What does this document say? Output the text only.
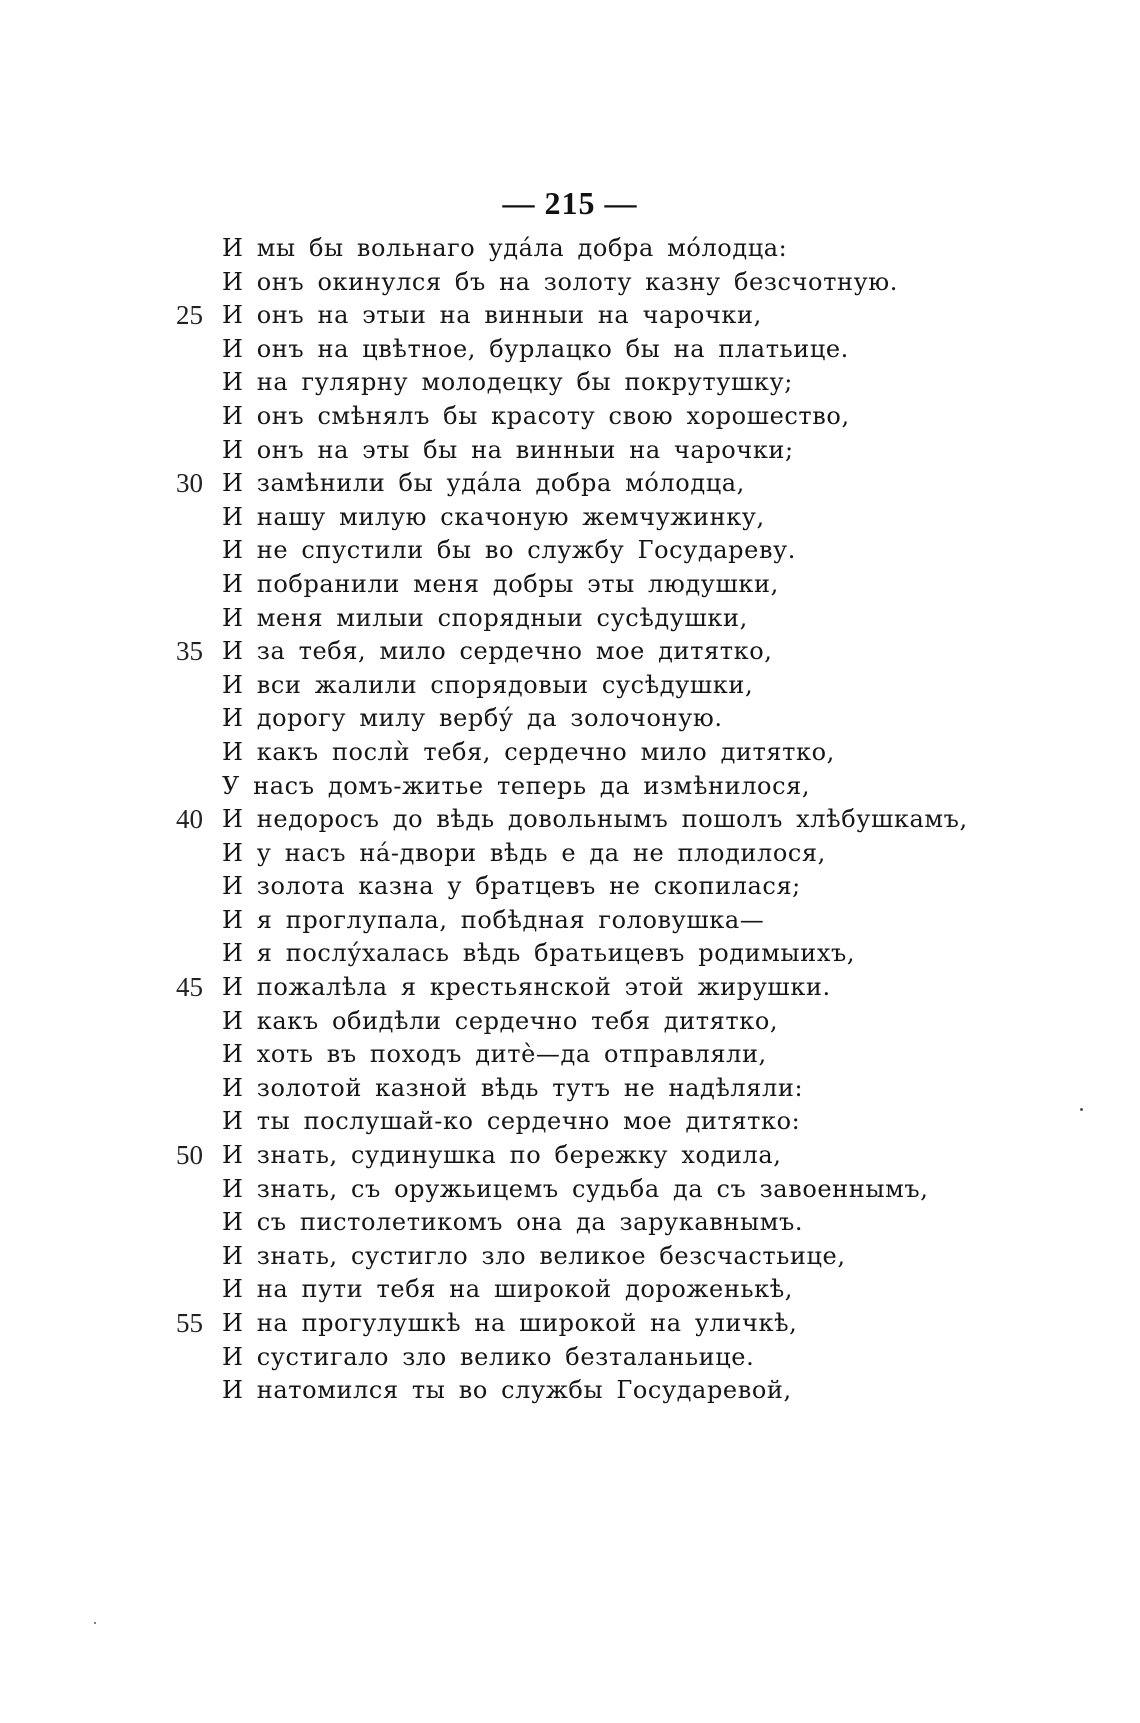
— 215 —
И мы бы вольнаго уда́ла добра мо́лодца:
И онъ окинулся бъ на золоту казну безсчотную.
25 И онъ на этыи на винныи на чарочки,
И онъ на цвѣтное, бурлацко бы на платьице.
И на гулярну молодецку бы покрутушку;
И онъ смѣнялъ бы красоту свою хорошество,
И онъ на эты бы на винныи на чарочки;
30 И замѣнили бы уда́ла добра мо́лодца,
И нашу милую скачоную жемчужинку,
И не спустили бы во службу Государеву.
И побранили меня добры эты людушки,
И меня милыи спорядныи сусѣдушки,
35 И за тебя, мило сердечно мое дитятко,
И вси жалили спорядовыи сусѣдушки,
И дорогу милу вербу́ да золочоную.
И какъ послѝ тебя, сердечно мило дитятко,
У насъ домъ-житье теперь да измѣнилося,
40 И недоросъ до вѣдь довольнымъ пошолъ хлѣбушкамъ,
И у насъ на́-двори вѣдь е да не плодилося,
И золота казна у братцевъ не скопилася;
И я проглупала, побѣдная головушка—
И я послу́халась вѣдь братьицевъ родимыихъ,
45 И пожалѣла я крестьянской этой жирушки.
И какъ обидѣли сердечно тебя дитятко,
И хоть въ походъ дитѐ—да отправляли,
И золотой казной вѣдь тутъ не надѣляли:
И ты послушай-ко сердечно мое дитятко:
50 И знать, судинушка по бережку ходила,
И знать, съ оружьицемъ судьба да съ завоеннымъ,
И съ пистолетикомъ она да зарукавнымъ.
И знать, сустигло зло великое безсчастьице,
И на пути тебя на широкой дороженькѣ,
55 И на прогулушкѣ на широкой на уличкѣ,
И сустигало зло велико безталаньице.
И натомился ты во службы Государевой,
